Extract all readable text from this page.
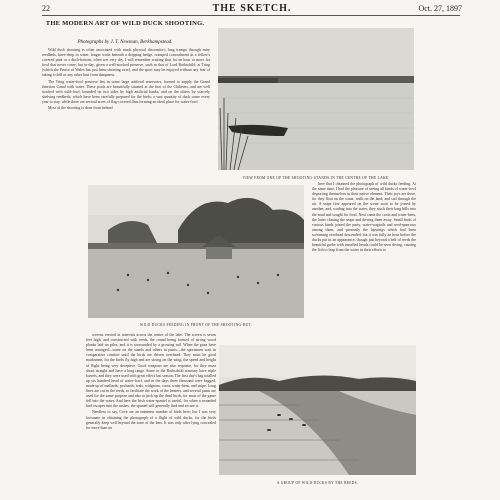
22	THE SKETCH.	Oct. 27, 1897
THE MODERN ART OF WILD DUCK SHOOTING.
Photographs by J. T. Newman, Berkhampstead.

Wild duck shooting is often associated with much physical discomfort; long tramps through miry reedbeds, knee-deep in water, longer waits beneath a dripping hedge, cramped concealment in a fellow's covered punt or a ditch-bottom, often wet very dry. I will remember waiting thus for an hour or more for fowl that never come; but to-day, given a well-stocked preserve, such as that of Lord Rothschild, at Tring (which the Prince of Wales has just been shooting over), and the sport may be enjoyed without any fear of taking a chill or any other hurt from dampness.

The Tring water-fowl preserve lies in some large artificial reservoirs, formed to supply the Grand Junction Canal with water. These pools are beautifully situated at the foot of the Chilterns, and are well stocked with wild-fowl; bounded on two sides by high artificial banks, and on the others by scarcely shelving reedbeds, which have been carefully prepared for the birds; a vast quantity of duck come every year to stay, while there are several acres of flag-covered flats forming an ideal place for water-fowl.

Most of the shooting is done from behind

VIEW FROM ONE OF THE SHOOTING-STANDS IN THE CENTRE OF THE LAKE.
WILD DUCKS FEEDING IN FRONT OF THE SHOOTING-HUT.

here that I obtained the photograph of wild ducks feeding. At the same time, I had the pleasure of seeing all kinds of water-fowl disporting themselves in their native element. Their joys are there, for they float on the water, walk on the land, and sail through the air. A snipe first appeared on the scene soon to be joined by another, and, wading into the water, they stuck their long bills into the mud and sought for food. Next came the coots and water-hens, the latter chasing the snipe and driving them away. Small birds of various kinds joined the party, water-wagtails and reed-sparrows among them, and presently the lapwings which had been screaming overhead descended; but it was fully an hour before the ducks put in an appearance, though just beyond a belt of reeds the beautiful grebe with tasselled heads could be seen diving, causing the fish to leap from the water in their efforts to

screens erected at intervals across the centre of the lake. The screen is seven feet high, and constructed with reeds, the round being formed of strong wood planks laid on piles, and it is surrounded by a growing rail. When the guns have been arranged—some on the stands and others in punts—the sportsmen wait in comparative comfort until the birds are driven overhead. They must be good marksmen, for the birds fly high and are strong on the wing, the speed and height of flight being very deceptive. Good weapons are also requisite, for they must shoot straight and have a long range. Some in the Rothschild armoury have triple barrels, and they were used with great effect last season. The first day's bag totalled up six hundred head of water-fowl, and in the days three thousand were bagged, made up of mallards, pochards, teals, widgeons, coots, water-hens, and snipe. Long lines are cut in the reeds, to facilitate the work of the beaters, and several punts are used for the same purpose and also to pick up the dead birds, for most of the game fell into the water. And here the Irish water-spaniel is useful, for when a wounded bird escapes into the rushes, the spaniel will generally find and secure it.

Needless to say, Cove are an immense number of birds here; but I was very fortunate in obtaining the photograph of a flight of wild ducks, for the birds generally keep well beyond the zone of the lens. It was only after lying concealed for more than an

A GROUP OF WILD DUCKS BY THE REEDS.
